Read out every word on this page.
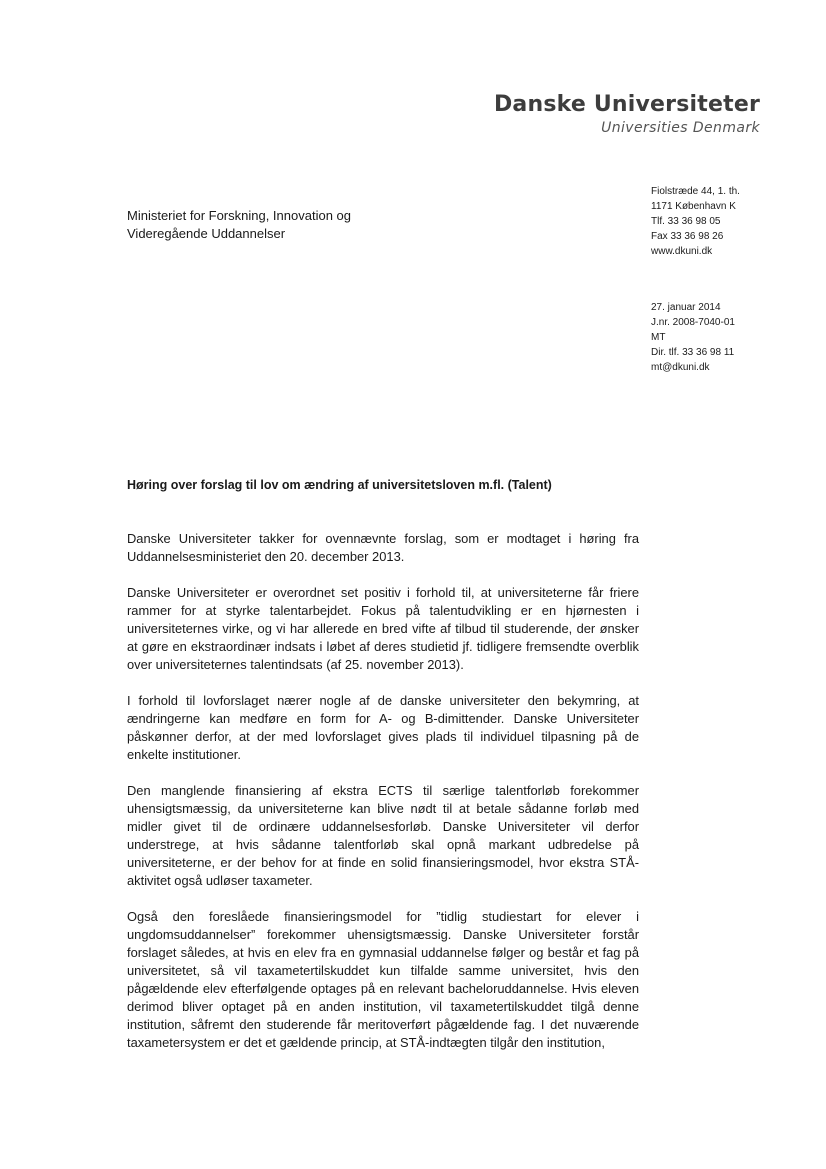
Danske Universiteter
Universities Denmark
Fiolstræde 44, 1. th.
1171 København K
Tlf. 33 36 98 05
Fax 33 36 98 26
www.dkuni.dk
Ministeriet for Forskning, Innovation og
Videregående Uddannelser
27. januar 2014
J.nr. 2008-7040-01
MT
Dir. tlf. 33 36 98 11
mt@dkuni.dk
Høring over forslag til lov om ændring af universitetsloven m.fl. (Talent)

Danske Universiteter takker for ovennævnte forslag, som er modtaget i høring fra Uddannelsesministeriet den 20. december 2013.

Danske Universiteter er overordnet set positiv i forhold til, at universiteterne får friere rammer for at styrke talentarbejdet. Fokus på talentudvikling er en hjørnesten i universiteternes virke, og vi har allerede en bred vifte af tilbud til studerende, der ønsker at gøre en ekstraordinær indsats i løbet af deres studietid jf. tidligere fremsendte overblik over universiteternes talentindsats (af 25. november 2013).

I forhold til lovforslaget nærer nogle af de danske universiteter den bekymring, at ændringerne kan medføre en form for A- og B-dimittender. Danske Universiteter påskønner derfor, at der med lovforslaget gives plads til individuel tilpasning på de enkelte institutioner.

Den manglende finansiering af ekstra ECTS til særlige talentforløb forekommer uhensigtsmæssig, da universiteterne kan blive nødt til at betale sådanne forløb med midler givet til de ordinære uddannelsesforløb. Danske Universiteter vil derfor understrege, at hvis sådanne talentforløb skal opnå markant udbredelse på universiteterne, er der behov for at finde en solid finansieringsmodel, hvor ekstra STÅ-aktivitet også udløser taxameter.

Også den foreslåede finansieringsmodel for ”tidlig studiestart for elever i ungdomsuddannelser” forekommer uhensigtsmæssig. Danske Universiteter forstår forslaget således, at hvis en elev fra en gymnasial uddannelse følger og består et fag på universitetet, så vil taxametertilskuddet kun tilfalde samme universitet, hvis den pågældende elev efterfølgende optages på en relevant bacheloruddannelse. Hvis eleven derimod bliver optaget på en anden institution, vil taxametertilskuddet tilgå denne institution, såfremt den studerende får meritoverført pågældende fag. I det nuværende taxametersystem er det et gældende princip, at STÅ-indtægten tilgår den institution,
